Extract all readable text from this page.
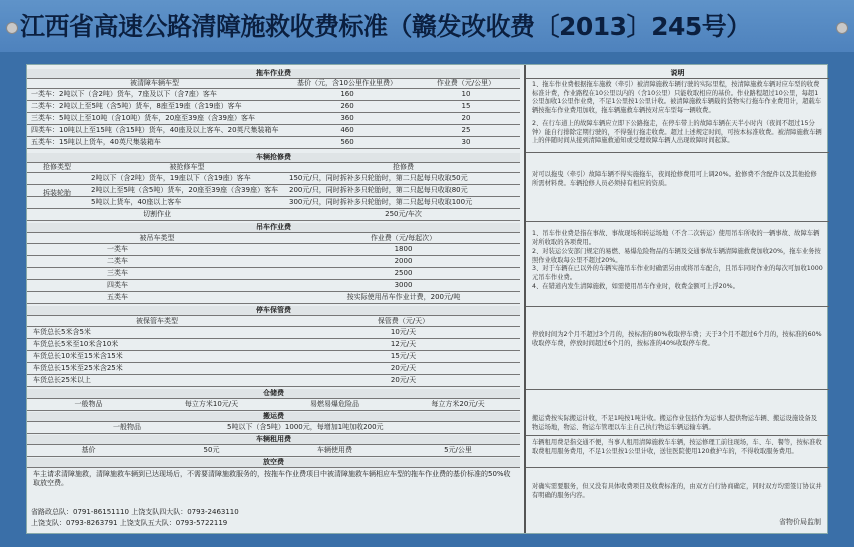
江西省高速公路清障施救收费标准（赣发改收费〔2013〕245号）
拖车作业费
被清障车辆车型	基价（元，含10公里作业里费）	作业费（元/公里）
一类车：2吨以下（含2吨）货车，7座及以下（含7座）客车	160	10
二类车：2吨以上至5吨（含5吨）货车，8座至19座（含19座）客车	260	15
三类车：5吨以上至10吨（含10吨）货车，20座至39座（含39座）客车	360	20
四类车：10吨以上至15吨（含15吨）货车，40座及以上客车、20英尺集装箱车	460	25
五类车：15吨以上货车，40英尺集装箱车	560	30
车辆抢修费
抢修类型	被抢修车型	抢修费
拆装轮胎
2吨以下（含2吨）货车，19座以下（含19座）客车	150元/只，同时拆补多只轮胎时，第二只起每只收取50元
2吨以上至5吨（含5吨）货车，20座至39座（含39座）客车	200元/只，同时拆补多只轮胎时，第二只起每只收取80元
5吨以上货车，40座以上客车	300元/只，同时拆补多只轮胎时，第二只起每只收取100元
切割作业	250元/车次
吊车作业费
被吊车类型	作业费（元/每起次）
一类车	1800
二类车	2000
三类车	2500
四类车	3000
五类车	按实际使用吊车作业计费，200元/吨
停车保管费
被保管车类型	保管费（元/天）
车货总长5米含5米	10元/天
车货总长5米至10米含10米	12元/天
车货总长10米至15米含15米	15元/天
车货总长15米至25米含25米	20元/天
车货总长25米以上	20元/天
仓储费
一般物品	每立方米10元/天	易燃易爆危险品	每立方米20元/天
搬运费
一般物品	5吨以下（含5吨）1000元，每增加1吨加收200元
车辆租用费
基价	50元	车辆使用费	5元/公里
放空费
车主请求清障施救，清障施救车辆到已达现场后，不需要清障施救服务的，按拖车作业费项目中被清障施救车辆相应车型的拖车作业费的基价标准的50%收取放空费。
省路政总队：0791-86151110 上饶支队四大队：0793-2463110
上饶支队：0793-8263791 上饶支队五大队：0793-5722119
说明
1、拖车作业费根据拖车施救（牵引）被清障施救车辆行驶的实际里程，按清障施救车辆对应车型的收费标准计费，作业路程在10公里以内的（含10公里）只能收取相应的基价。作业路程超过10公里，每超1公里加收1公里作业费，不足1公里按1公里计收。被清障施救车辆载的货物实行拖车作业费用计，超载车辆按拖车作业费用加收，拖车辆施救车辆按对应车型每一辆收费。
2、在行车道上的故障车辆应立即下公路拖走，在停车带上的故障车辆在天半小时内（夜间不超过15分钟）能自行排除定期行驶的，不得强行拖走收费。超过上述规定时间，可按本标准收费。被清障施救车辆上的伴随时间从接到清障施救通知或受理故障车辆人出现故障时间起算。
对可以拖曳（牵引）故障车辆不得实施拖车，夜间抢修费用可上调20%。抢修费不含配件以及其他抢修所需材料费。车辆抢修人员必须持有相应的资质。
1、吊车作业费是指在事故、事故现场和转运场地（不含二次转运）使用吊车所收的一辆事故、故障车辆对所收取的各项费用。
2、对装运公安部门规定的易燃、易爆危险物品的车辆及交通事故车辆清障施救费加收20%，拖车业务按照作业收取每公里不超过20%。
3、对于车辆在已以外的车辆实施吊车作业时确需另由或将吊车配合，且吊车同时作业的每次可加收1000元吊车作业费。
4、在错道内发生清障施救，如需使用吊车作业时，收费金额可上浮20%。
停放时间为2个月不超过3个月的，按标准的80%收取停车费；天于3个月不超过6个月的，按标准的60%收取停车费，停放时间超过6个月的，按标准的40%收取停车费。
搬运费按实际搬运计收，不足1吨按1吨计收。搬运作业包括作为运事人提供物运车辆、搬运设施设备及物运场地，物运、物运车管理以车主自己执行物运车辆运输车辆。
车辆租用费是指交通不便，当事人租用清障施救车车辆，按运修理工前往现场，车、车、餐等，按标准收取费租用服务费用，不足1公里按1公里计收，送往医院使用120救护车的，不得收取服务费用。
对确实需要服务，但又没有具体收费项目及收费标准的，由双方自行协商确定，同时双方均需签订协议并有明确的服务内容。
省物价局监制
